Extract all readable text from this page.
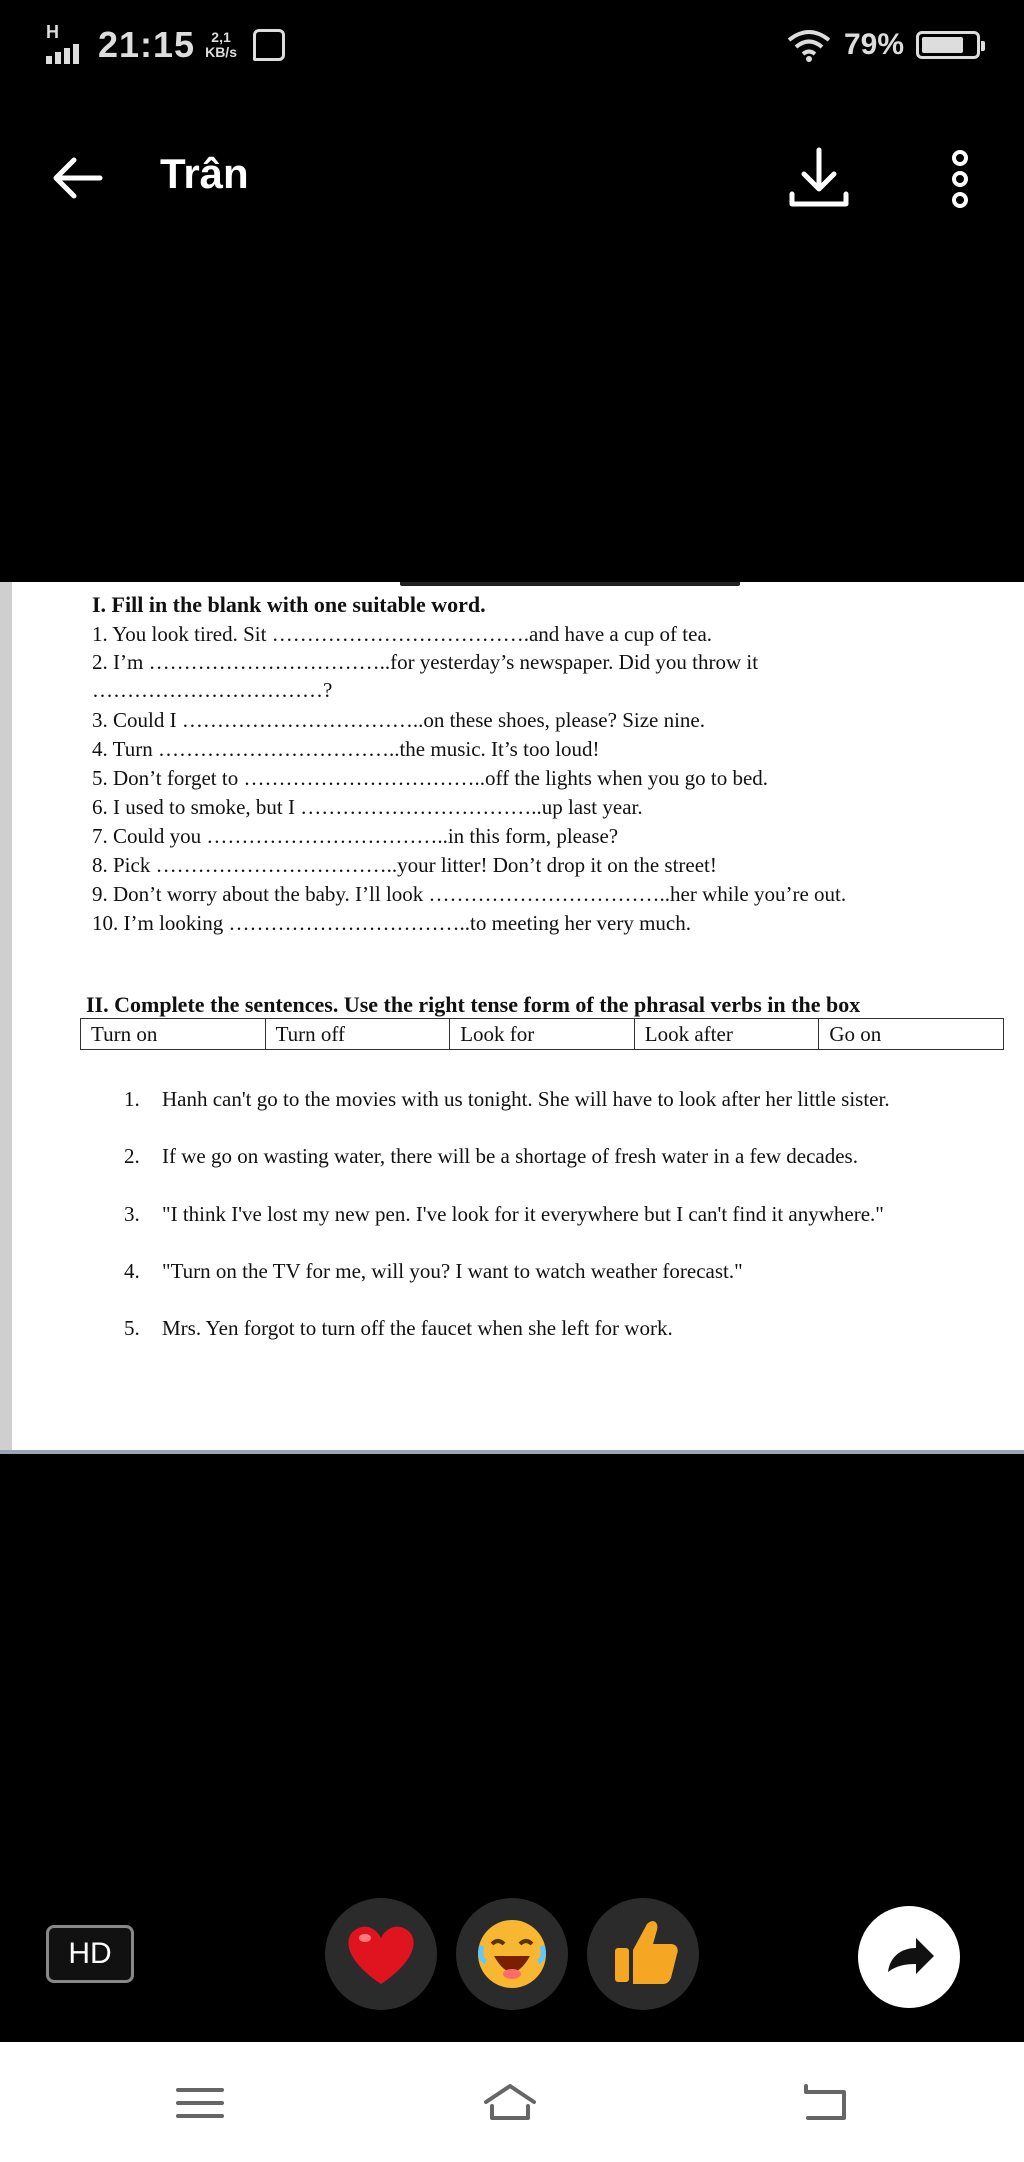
H 21:15	2,1
KB/s	79%
Trân
I. Fill in the blank with one suitable word.
1. You look tired. Sit ……………………………….and have a cup of tea.
2. I’m ……………………………..for yesterday’s newspaper. Did you throw it
……………………………?
3. Could I ……………………………..on these shoes, please? Size nine.
4. Turn ……………………………..the music. It’s too loud!
5. Don’t forget to ……………………………..off the lights when you go to bed.
6. I used to smoke, but I ……………………………..up last year.
7. Could you ……………………………..in this form, please?
8. Pick ……………………………..your litter! Don’t drop it on the street!
9. Don’t worry about the baby. I’ll look ……………………………..her while you’re out.
10. I’m looking ……………………………..to meeting her very much.
II. Complete the sentences. Use the right tense form of the phrasal verbs in the box
Turn on	Turn off	Look for	Look after	Go on
1. Hanh can't go to the movies with us tonight. She will have to look after her little sister.
2. If we go on wasting water, there will be a shortage of fresh water in a few decades.
3. "I think I've lost my new pen. I've look for it everywhere but I can't find it anywhere."
4. "Turn on the TV for me, will you? I want to watch weather forecast."
5. Mrs. Yen forgot to turn off the faucet when she left for work.
HD
